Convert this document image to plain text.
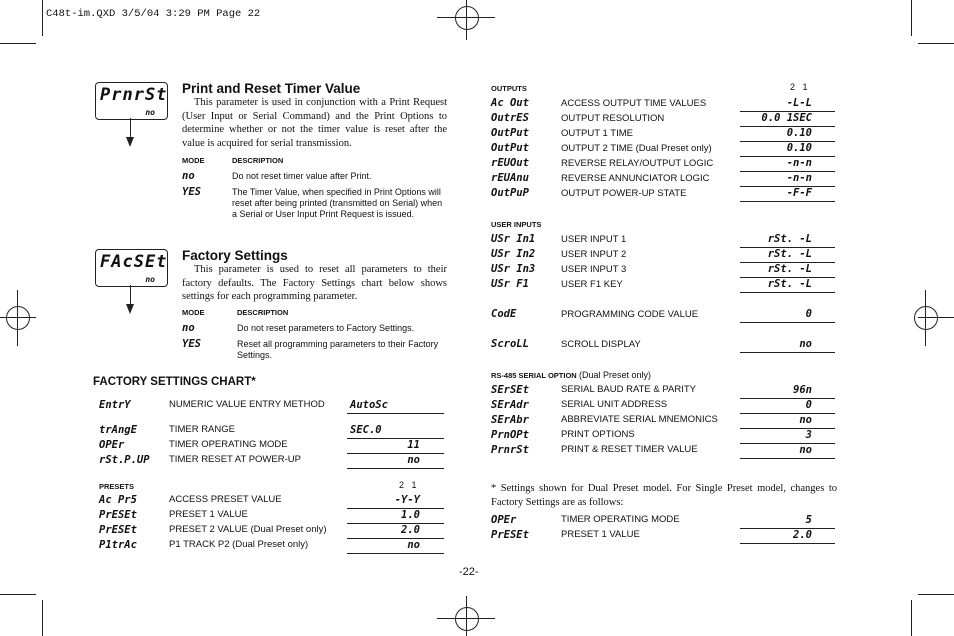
C48t-im.QXD 3/5/04 3:29 PM Page 22
PrnrSt
no
Print and Reset Timer Value
This parameter is used in conjunction with a Print Request (User Input or Serial Command) and the Print Options to determine whether or not the timer value is reset after the value is acquired for serial transmission.
MODE	DESCRIPTION
no	Do not reset timer value after Print.
YES	The Timer Value, when specified in Print Options will reset after being printed (transmitted on Serial) when a Serial or User Input Print Request is issued.
FAcSEt
no
Factory Settings
This parameter is used to reset all parameters to their factory defaults. The Factory Settings chart below shows settings for each programming parameter.
MODE	DESCRIPTION
no	Do not reset parameters to Factory Settings.
YES	Reset all programming parameters to their Factory Settings.
FACTORY SETTINGS CHART*
EntrY	NUMERIC VALUE ENTRY METHOD AutoSc
trAngE	TIMER RANGE	SEC.0
OPEr	TIMER OPERATING MODE	11
rSt.P.UP TIMER RESET AT POWER-UP	no
PRESETS	2   1
Ac Pr5	ACCESS PRESET VALUE	-Y-Y
PrESEt	PRESET 1 VALUE	1.0
PrESEt	PRESET 2 VALUE (Dual Preset only)	2.0
P1trAc	P1 TRACK P2 (Dual Preset only)	no
OUTPUTS	2   1
Ac Out	ACCESS OUTPUT TIME VALUES	-L-L
OutrES	OUTPUT RESOLUTION	0.0 1SEC
OutPut	OUTPUT 1 TIME	0.10
OutPut	OUTPUT 2 TIME (Dual Preset only)	0.10
rEUOut	REVERSE RELAY/OUTPUT LOGIC	-n-n
rEUAnu	REVERSE ANNUNCIATOR LOGIC	-n-n
OutPuP	OUTPUT POWER-UP STATE	-F-F
USER INPUTS
USr In1	USER INPUT 1	rSt. -L
USr In2	USER INPUT 2	rSt. -L
USr In3	USER INPUT 3	rSt. -L
USr F1	USER F1 KEY	rSt. -L
CodE	PROGRAMMING CODE VALUE	0
ScroLL	SCROLL DISPLAY	no
RS-485 SERIAL OPTION (Dual Preset only)
SErSEt	SERIAL BAUD RATE & PARITY	96n
SErAdr	SERIAL UNIT ADDRESS	0
SErAbr	ABBREVIATE SERIAL MNEMONICS	no
PrnOPt	PRINT OPTIONS	3
PrnrSt	PRINT & RESET TIMER VALUE	no
* Settings shown for Dual Preset model. For Single Preset model, changes to Factory Settings are as follows:
OPEr	TIMER OPERATING MODE	5
PrESEt	PRESET 1 VALUE	2.0
-22-
